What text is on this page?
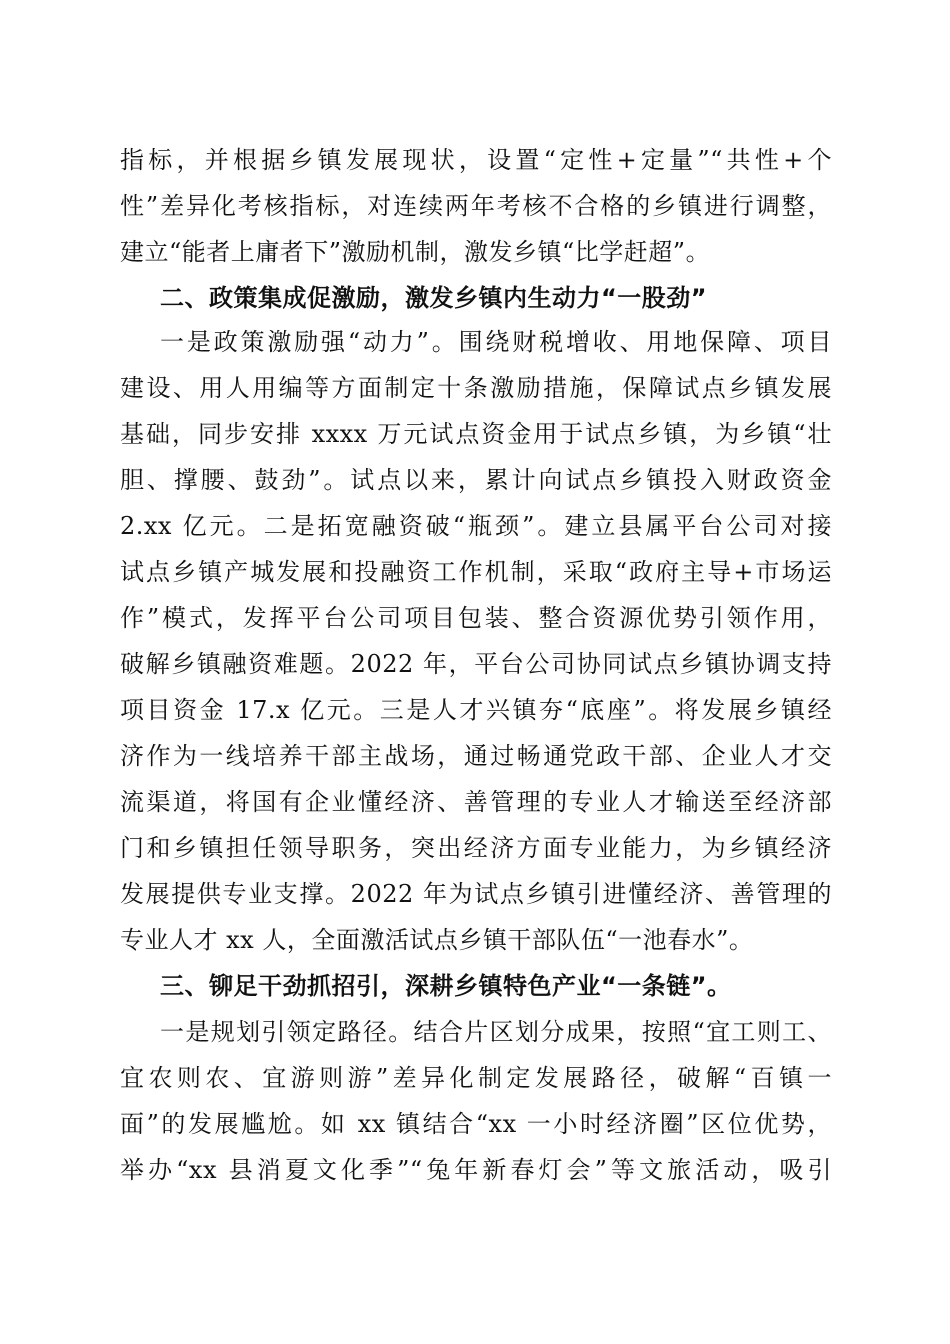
指标，并根据乡镇发展现状，设置“定性+定量”“共性+个
性”差异化考核指标，对连续两年考核不合格的乡镇进行调整，
建立“能者上庸者下”激励机制，激发乡镇“比学赶超”。
二、政策集成促激励，激发乡镇内生动力“一股劲”
一是政策激励强“动力”。围绕财税增收、用地保障、项目
建设、用人用编等方面制定十条激励措施，保障试点乡镇发展
基础，同步安排 xxxx 万元试点资金用于试点乡镇，为乡镇“壮
胆、撑腰、鼓劲”。试点以来，累计向试点乡镇投入财政资金
2.xx 亿元。二是拓宽融资破“瓶颈”。建立县属平台公司对接
试点乡镇产城发展和投融资工作机制，采取“政府主导+市场运
作”模式，发挥平台公司项目包装、整合资源优势引领作用，
破解乡镇融资难题。2022 年，平台公司协同试点乡镇协调支持
项目资金 17.x 亿元。三是人才兴镇夯“底座”。将发展乡镇经
济作为一线培养干部主战场，通过畅通党政干部、企业人才交
流渠道，将国有企业懂经济、善管理的专业人才输送至经济部
门和乡镇担任领导职务，突出经济方面专业能力，为乡镇经济
发展提供专业支撑。2022 年为试点乡镇引进懂经济、善管理的
专业人才 xx 人，全面激活试点乡镇干部队伍“一池春水”。
三、铆足干劲抓招引，深耕乡镇特色产业“一条链”。
一是规划引领定路径。结合片区划分成果，按照“宜工则工、
宜农则农、宜游则游”差异化制定发展路径，破解“百镇一
面”的发展尴尬。如 xx 镇结合“xx 一小时经济圈”区位优势，
举办“xx 县消夏文化季”“兔年新春灯会”等文旅活动，吸引
